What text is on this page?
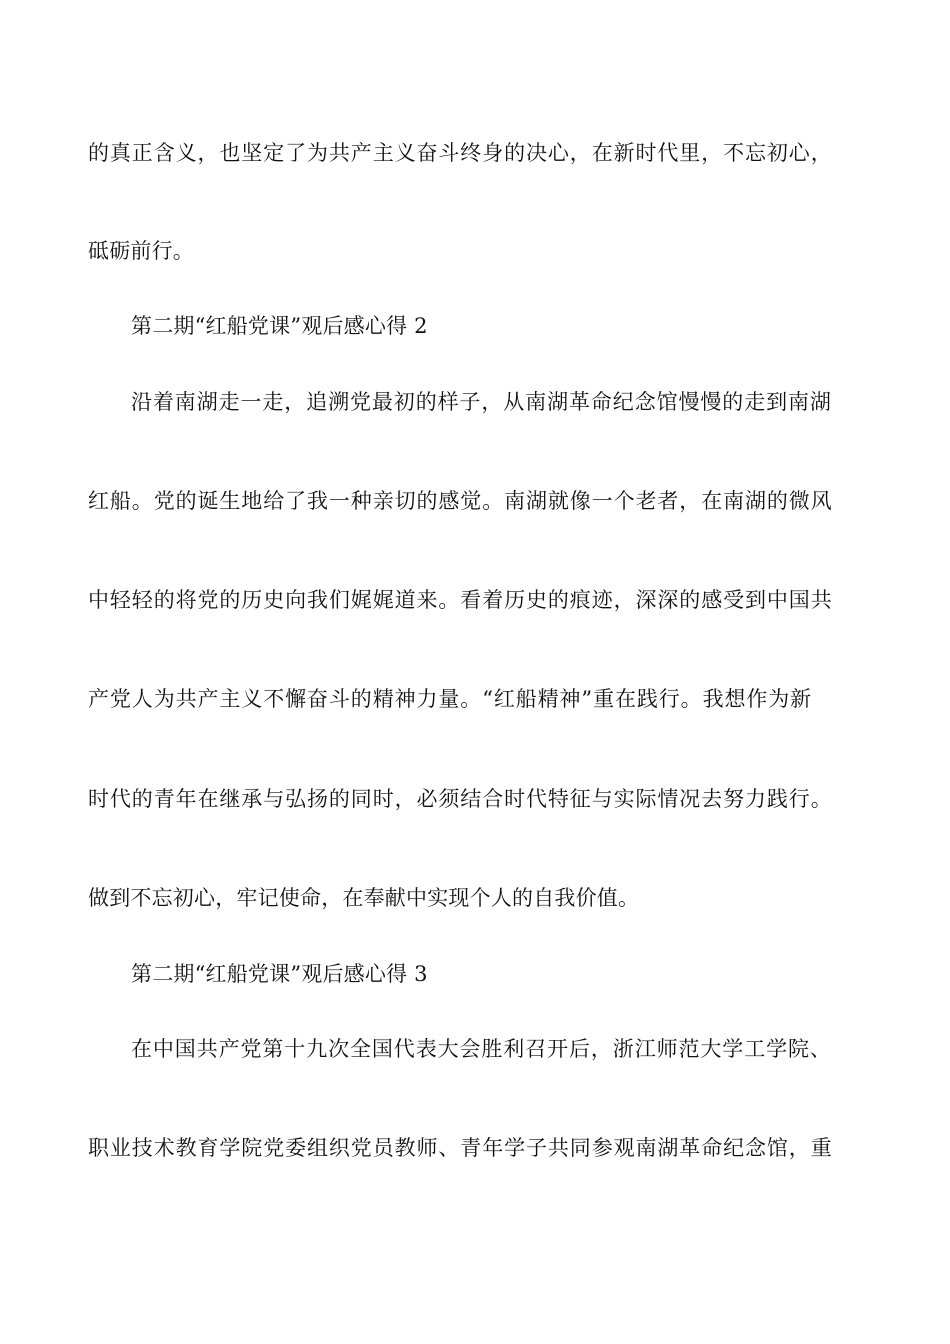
的真正含义，也坚定了为共产主义奋斗终身的决心，在新时代里，不忘初心，
砥砺前行。
第二期“红船党课”观后感心得 2
沿着南湖走一走，追溯党最初的样子，从南湖革命纪念馆慢慢的走到南湖
红船。党的诞生地给了我一种亲切的感觉。南湖就像一个老者，在南湖的微风
中轻轻的将党的历史向我们娓娓道来。看着历史的痕迹，深深的感受到中国共
产党人为共产主义不懈奋斗的精神力量。“红船精神”重在践行。我想作为新
时代的青年在继承与弘扬的同时，必须结合时代特征与实际情况去努力践行。
做到不忘初心，牢记使命，在奉献中实现个人的自我价值。
第二期“红船党课”观后感心得 3
在中国共产党第十九次全国代表大会胜利召开后，浙江师范大学工学院、
职业技术教育学院党委组织党员教师、青年学子共同参观南湖革命纪念馆，重
